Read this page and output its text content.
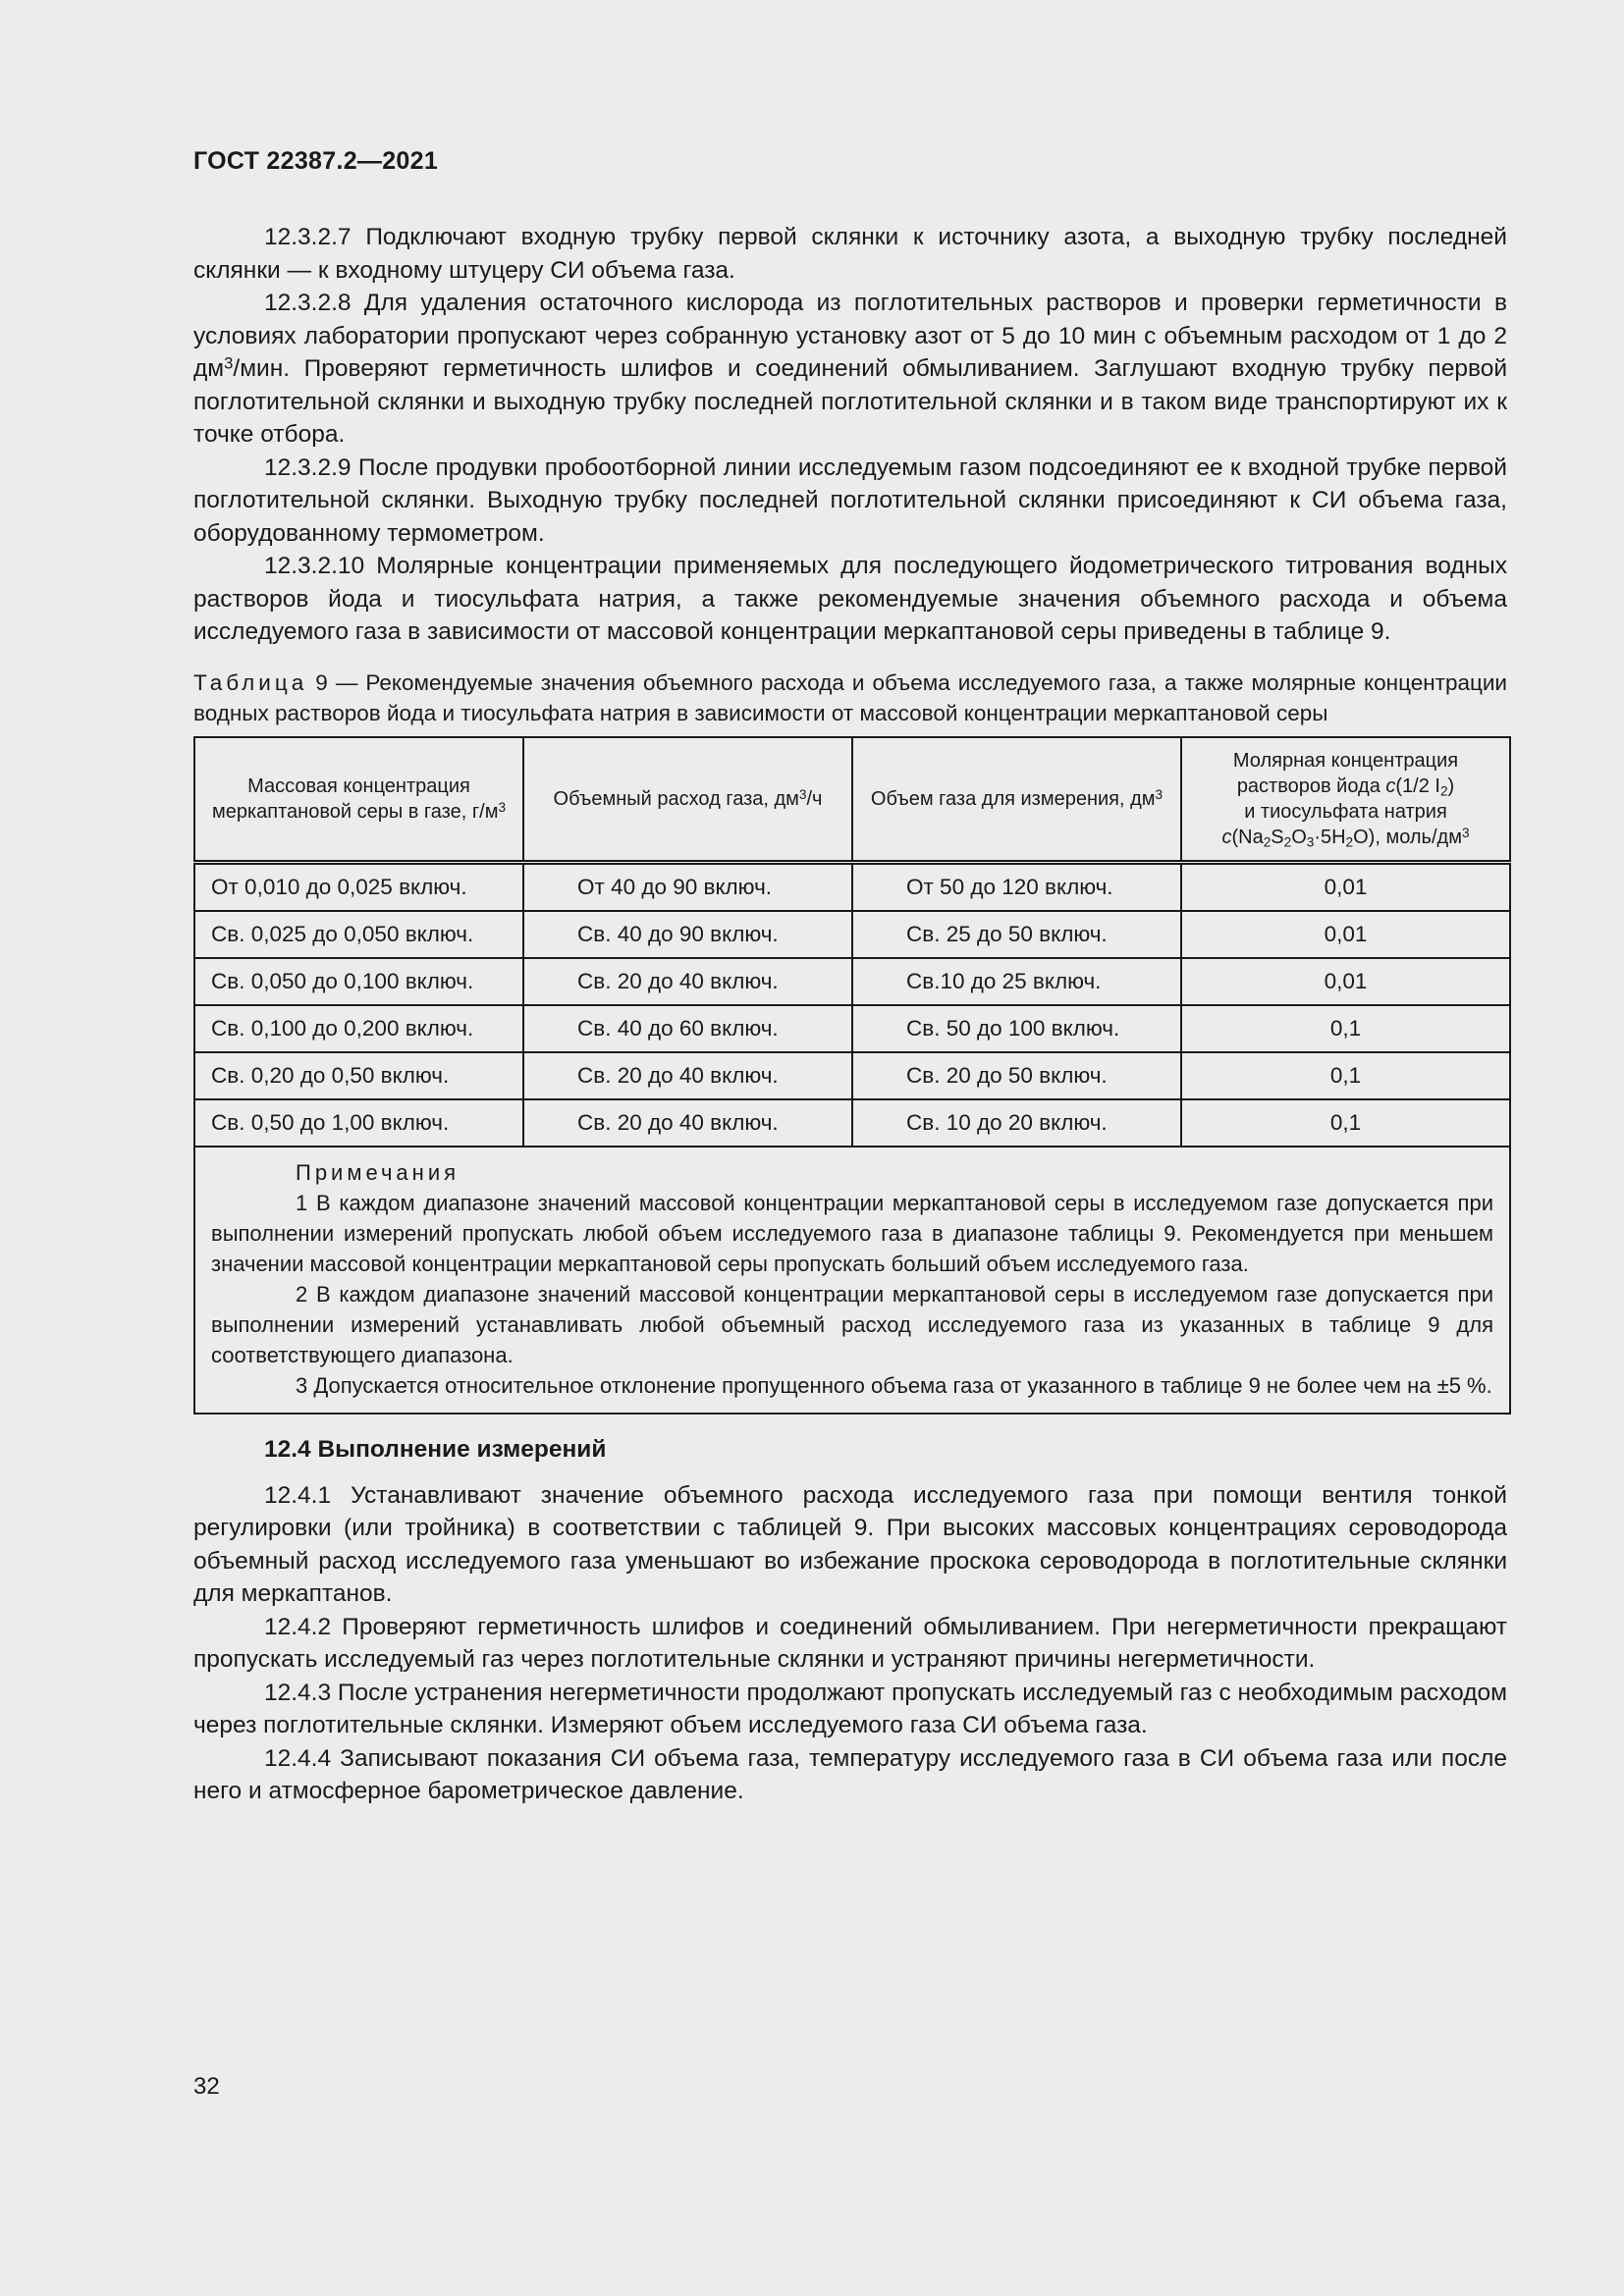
ГОСТ 22387.2—2021

12.3.2.7 Подключают входную трубку первой склянки к источнику азота, а выходную трубку последней склянки — к входному штуцеру СИ объема газа.

12.3.2.8 Для удаления остаточного кислорода из поглотительных растворов и проверки герметичности в условиях лаборатории пропускают через собранную установку азот от 5 до 10 мин с объемным расходом от 1 до 2 $дм^3$/мин. Проверяют герметичность шлифов и соединений обмыливанием. Заглушают входную трубку первой поглотительной склянки и выходную трубку последней поглотительной склянки и в таком виде транспортируют их к точке отбора.

12.3.2.9 После продувки пробоотборной линии исследуемым газом подсоединяют ее к входной трубке первой поглотительной склянки. Выходную трубку последней поглотительной склянки присоединяют к СИ объема газа, оборудованному термометром.

12.3.2.10 Молярные концентрации применяемых для последующего йодометрического титрования водных растворов йода и тиосульфата натрия, а также рекомендуемые значения объемного расхода и объема исследуемого газа в зависимости от массовой концентрации меркаптановой серы приведены в таблице 9.

Таблица 9 — Рекомендуемые значения объемного расхода и объема исследуемого газа, а также молярные концентрации водных растворов йода и тиосульфата натрия в зависимости от массовой концентрации меркаптановой серы
Массовая концентрация меркаптановой серы в газе, $г/м^3$	Объемный расход газа, $дм^3/ч$	Объем газа для измерения, $дм^3$	Молярная концентрация
растворов йода c(1/2 $I_2$)
и тиосульфата натрия
$c(Na_2S_2O_3\cdot 5H_2O)$, моль/$дм^3$
От 0,010 до 0,025 включ.	От 40 до 90 включ.	От 50 до 120 включ.	0,01
Св. 0,025 до 0,050 включ.	Св. 40 до 90 включ.	Св. 25 до 50 включ.	0,01
Св. 0,050 до 0,100 включ.	Св. 20 до 40 включ.	Св.10 до 25 включ.	0,01
Св. 0,100 до 0,200 включ.	Св. 40 до 60 включ.	Св. 50 до 100 включ.	0,1
Св. 0,20 до 0,50 включ.	Св. 20 до 40 включ.	Св. 20 до 50 включ.	0,1
Св. 0,50 до 1,00 включ.	Св. 20 до 40 включ.	Св. 10 до 20 включ.	0,1

Примечания

1 В каждом диапазоне значений массовой концентрации меркаптановой серы в исследуемом газе допускается при выполнении измерений пропускать любой объем исследуемого газа в диапазоне таблицы 9. Рекомендуется при меньшем значении массовой концентрации меркаптановой серы пропускать больший объем исследуемого газа.

2 В каждом диапазоне значений массовой концентрации меркаптановой серы в исследуемом газе допускается при выполнении измерений устанавливать любой объемный расход исследуемого газа из указанных в таблице 9 для соответствующего диапазона.

3 Допускается относительное отклонение пропущенного объема газа от указанного в таблице 9 не более чем на ±5 %.			

12.4 Выполнение измерений

12.4.1 Устанавливают значение объемного расхода исследуемого газа при помощи вентиля тонкой регулировки (или тройника) в соответствии с таблицей 9. При высоких массовых концентрациях сероводорода объемный расход исследуемого газа уменьшают во избежание проскока сероводорода в поглотительные склянки для меркаптанов.

12.4.2 Проверяют герметичность шлифов и соединений обмыливанием. При негерметичности прекращают пропускать исследуемый газ через поглотительные склянки и устраняют причины негерметичности.

12.4.3 После устранения негерметичности продолжают пропускать исследуемый газ с необходимым расходом через поглотительные склянки. Измеряют объем исследуемого газа СИ объема газа.

12.4.4 Записывают показания СИ объема газа, температуру исследуемого газа в СИ объема газа или после него и атмосферное барометрическое давление.

32
